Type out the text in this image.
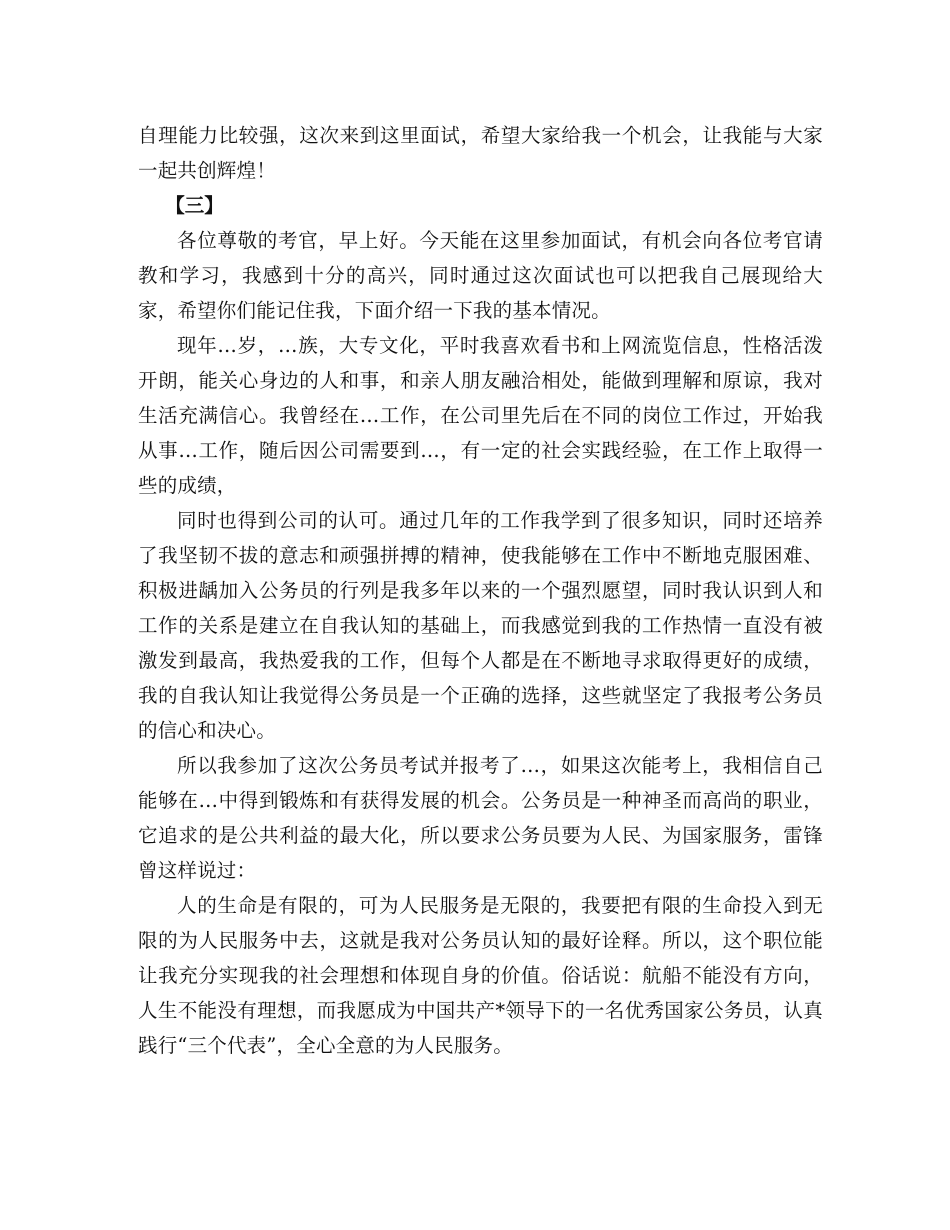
自理能力比较强，这次来到这里面试，希望大家给我一个机会，让我能与大家一起共创辉煌！

【三】

各位尊敬的考官，早上好。今天能在这里参加面试，有机会向各位考官请教和学习，我感到十分的高兴，同时通过这次面试也可以把我自己展现给大家，希望你们能记住我，下面介绍一下我的基本情况。

现年…岁，…族，大专文化，平时我喜欢看书和上网流览信息，性格活泼开朗，能关心身边的人和事，和亲人朋友融洽相处，能做到理解和原谅，我对生活充满信心。我曾经在…工作，在公司里先后在不同的岗位工作过，开始我从事…工作，随后因公司需要到…，有一定的社会实践经验，在工作上取得一些的成绩，

同时也得到公司的认可。通过几年的工作我学到了很多知识，同时还培养了我坚韧不拔的意志和顽强拼搏的精神，使我能够在工作中不断地克服困难、积极进龋加入公务员的行列是我多年以来的一个强烈愿望，同时我认识到人和工作的关系是建立在自我认知的基础上，而我感觉到我的工作热情一直没有被激发到最高，我热爱我的工作，但每个人都是在不断地寻求取得更好的成绩，我的自我认知让我觉得公务员是一个正确的选择，这些就坚定了我报考公务员的信心和决心。

所以我参加了这次公务员考试并报考了…，如果这次能考上，我相信自己能够在…中得到锻炼和有获得发展的机会。公务员是一种神圣而高尚的职业，它追求的是公共利益的最大化，所以要求公务员要为人民、为国家服务，雷锋曾这样说过：

人的生命是有限的，可为人民服务是无限的，我要把有限的生命投入到无限的为人民服务中去，这就是我对公务员认知的最好诠释。所以，这个职位能让我充分实现我的社会理想和体现自身的价值。俗话说：航船不能没有方向，人生不能没有理想，而我愿成为中国共产*领导下的一名优秀国家公务员，认真践行“三个代表”，全心全意的为人民服务。
